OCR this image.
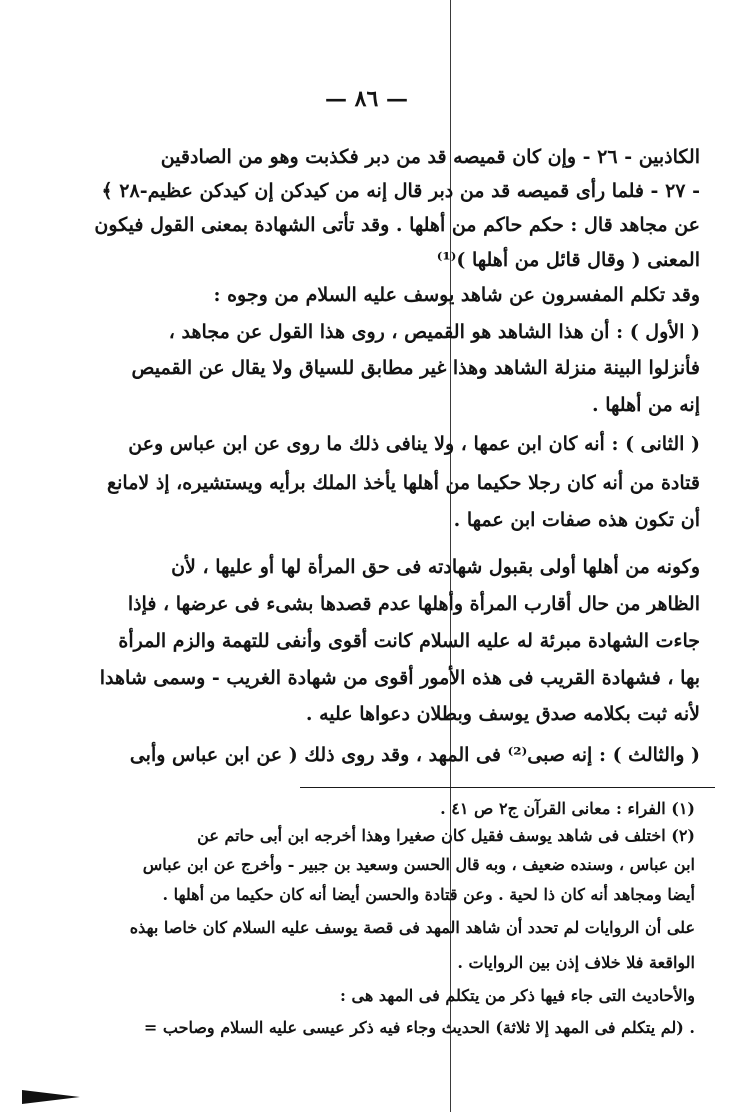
— ٨٦ —
الكاذبين - ٢٦ - وإن كان قميصه قد من دبر فكذبت وهو من الصادقين
- ٢٧ - فلما رأى قميصه قد من دبر قال إنه من كيدكن إن كيدكن عظيم-٢٨ ﴾
عن مجاهد قال : حكم حاكم من أهلها . وقد تأتى الشهادة بمعنى القول فيكون
المعنى ( وقال قائل من أهلها )⁽¹⁾
وقد تكلم المفسرون عن شاهد يوسف عليه السلام من وجوه :
( الأول ) : أن هذا الشاهد هو القميص ، روى هذا القول عن مجاهد ،
فأنزلوا البينة منزلة الشاهد وهذا غير مطابق للسياق ولا يقال عن القميص
إنه من أهلها .
( الثانى ) : أنه كان ابن عمها ، ولا ينافى ذلك ما روى عن ابن عباس وعن
قتادة من أنه كان رجلا حكيما من أهلها يأخذ الملك برأيه ويستشيره، إذ لامانع
أن تكون هذه صفات ابن عمها .
وكونه من أهلها أولى بقبول شهادته فى حق المرأة لها أو عليها ، لأن
الظاهر من حال أقارب المرأة وأهلها عدم قصدها بشىء فى عرضها ، فإذا
جاءت الشهادة مبرئة له عليه السلام كانت أقوى وأنفى للتهمة والزم المرأة
بها ، فشهادة القريب فى هذه الأمور أقوى من شهادة الغريب - وسمى شاهدا
لأنه ثبت بكلامه صدق يوسف وبطلان دعواها عليه .
( والثالث ) : إنه صبى⁽²⁾ فى المهد ، وقد روى ذلك ( عن ابن عباس وأبى
(١) الفراء : معانى القرآن ج٢ ص ٤١ .
(٢) اختلف فى شاهد يوسف فقيل كان صغيرا وهذا أخرجه ابن أبى حاتم عن
ابن عباس ، وسنده ضعيف ، وبه قال الحسن وسعيد بن جبير - وأخرج عن ابن عباس
أيضا ومجاهد أنه كان ذا لحية . وعن قتادة والحسن أيضا أنه كان حكيما من أهلها .
على أن الروايات لم تحدد أن شاهد المهد فى قصة يوسف عليه السلام كان خاصا بهذه
الواقعة فلا خلاف إذن بين الروايات .
والأحاديث التى جاء فيها ذكر من يتكلم فى المهد هى :
. (لم يتكلم فى المهد إلا ثلاثة) الحديث وجاء فيه ذكر عيسى عليه السلام وصاحب =
